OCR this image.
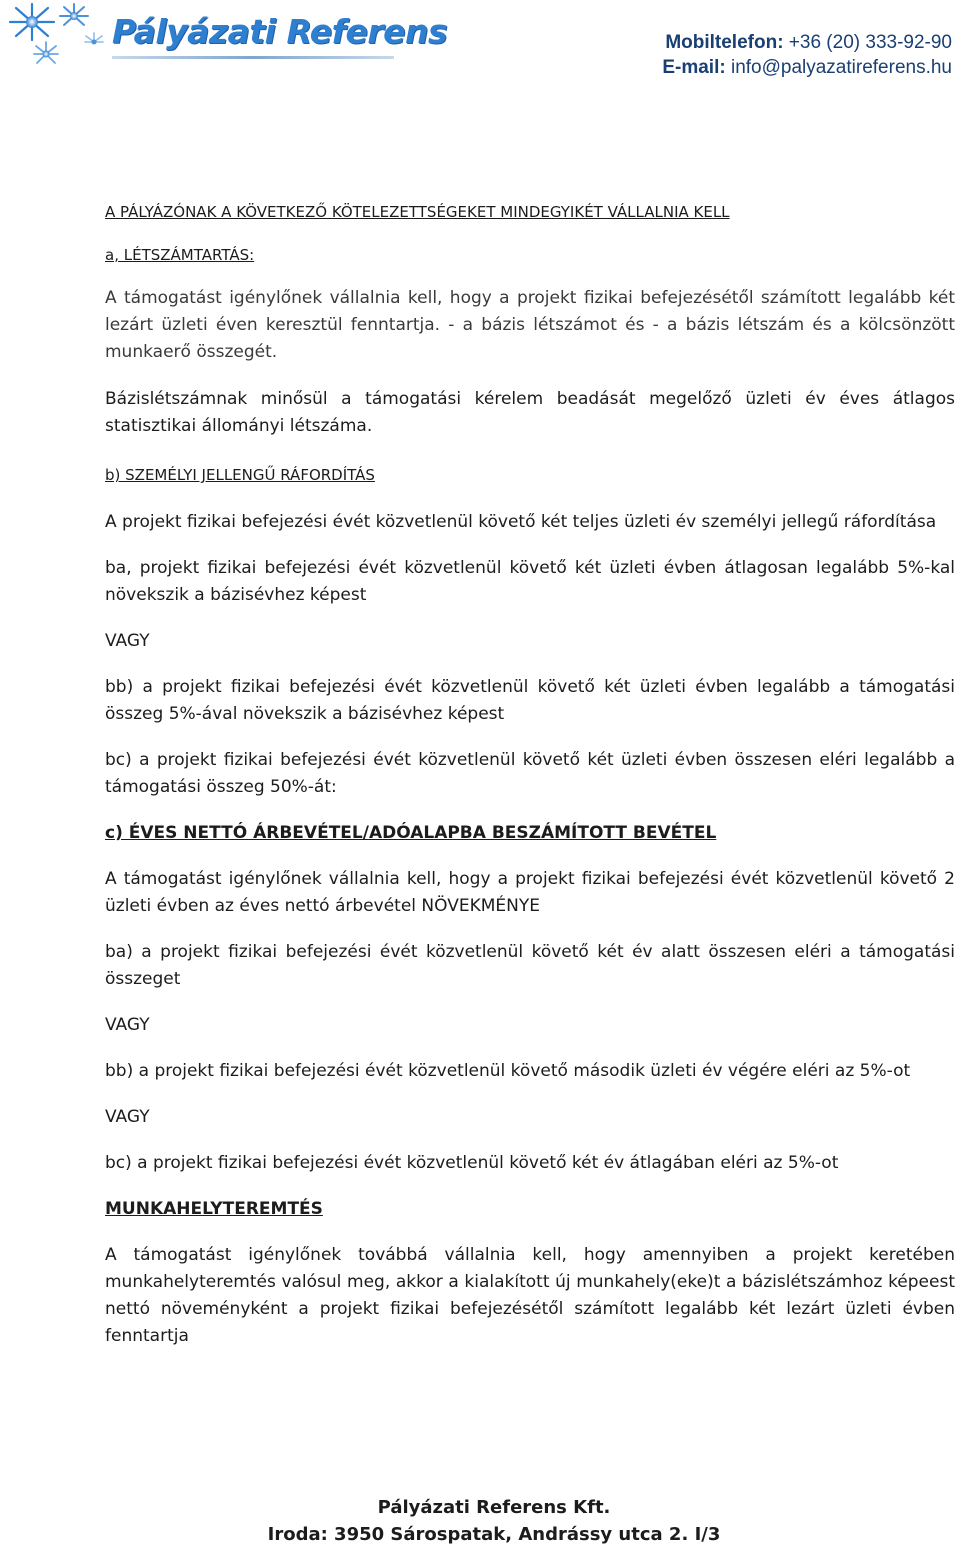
Pályázati Referens	Mobiltelefon: +36 (20) 333-92-90
E-mail: info@palyazatireferens.hu

A PÁLYÁZÓNAK A KÖVETKEZŐ KÖTELEZETTSÉGEKET MINDEGYIKÉT VÁLLALNIA KELL

a, LÉTSZÁMTARTÁS:

A támogatást igénylőnek vállalnia kell, hogy a projekt fizikai befejezésétől számított legalább két lezárt üzleti éven keresztül fenntartja. - a bázis létszámot és - a bázis létszám és a kölcsönzött munkaerő összegét.

Bázislétszámnak minősül a támogatási kérelem beadását megelőző üzleti év éves átlagos statisztikai állományi létszáma.

b) SZEMÉLYI JELLENGŰ RÁFORDÍTÁS

A projekt fizikai befejezési évét közvetlenül követő két teljes üzleti év személyi jellegű ráfordítása

ba, projekt fizikai befejezési évét közvetlenül követő két üzleti évben átlagosan legalább 5%-kal növekszik a bázisévhez képest

VAGY

bb) a projekt fizikai befejezési évét közvetlenül követő két üzleti évben legalább a támogatási összeg 5%-ával növekszik a bázisévhez képest

bc) a projekt fizikai befejezési évét közvetlenül követő két üzleti évben összesen eléri legalább a támogatási összeg 50%-át:

c) ÉVES NETTÓ ÁRBEVÉTEL/ADÓALAPBA BESZÁMÍTOTT BEVÉTEL

A támogatást igénylőnek vállalnia kell, hogy a projekt fizikai befejezési évét közvetlenül követő 2 üzleti évben az éves nettó árbevétel NÖVEKMÉNYE

ba) a projekt fizikai befejezési évét közvetlenül követő két év alatt összesen eléri a támogatási összeget

VAGY

bb) a projekt fizikai befejezési évét közvetlenül követő második üzleti év végére eléri az 5%-ot

VAGY

bc) a projekt fizikai befejezési évét közvetlenül követő két év átlagában eléri az 5%-ot

MUNKAHELYTEREMTÉS

A támogatást igénylőnek továbbá vállalnia kell, hogy amennyiben a projekt keretében munkahelyteremtés valósul meg, akkor a kialakított új munkahely(eke)t a bázislétszámhoz képeest nettó növeményként a projekt fizikai befejezésétől számított legalább két lezárt üzleti évben fenntartja

Pályázati Referens Kft.
Iroda: 3950 Sárospatak, Andrássy utca 2. I/3
